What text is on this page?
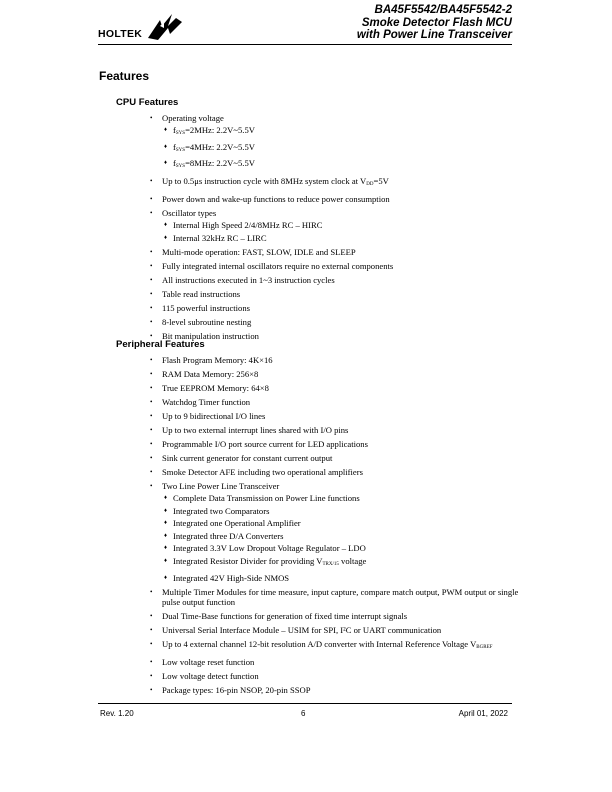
HOLTEK
BA45F5542/BA45F5542-2
Smoke Detector Flash MCU
with Power Line Transceiver
Features
CPU Features
• Operating voltage
♦ $f_{SYS}=2MHz$: 2.2V~5.5V
♦ $f_{SYS}=4MHz$: 2.2V~5.5V
♦ $f_{SYS}=8MHz$: 2.2V~5.5V
• Up to 0.5μs instruction cycle with 8MHz system clock at $V_{DD}=5V$
• Power down and wake-up functions to reduce power consumption
• Oscillator types
♦ Internal High Speed 2/4/8MHz RC – HIRC
♦ Internal 32kHz RC – LIRC
• Multi-mode operation: FAST, SLOW, IDLE and SLEEP
• Fully integrated internal oscillators require no external components
• All instructions executed in 1~3 instruction cycles
• Table read instructions
• 115 powerful instructions
• 8-level subroutine nesting
• Bit manipulation instruction
Peripheral Features
• Flash Program Memory: 4K×16
• RAM Data Memory: 256×8
• True EEPROM Memory: 64×8
• Watchdog Timer function
• Up to 9 bidirectional I/O lines
• Up to two external interrupt lines shared with I/O pins
• Programmable I/O port source current for LED applications
• Sink current generator for constant current output
• Smoke Detector AFE including two operational amplifiers
• Two Line Power Line Transceiver
♦ Complete Data Transmission on Power Line functions
♦ Integrated two Comparators
♦ Integrated one Operational Amplifier
♦ Integrated three D/A Converters
♦ Integrated 3.3V Low Dropout Voltage Regulator – LDO
♦ Integrated Resistor Divider for providing $V_{TRX/15}$ voltage
♦ Integrated 42V High-Side NMOS
• Multiple Timer Modules for time measure, input capture, compare match output, PWM output or single pulse output function
• Dual Time-Base functions for generation of fixed time interrupt signals
• Universal Serial Interface Module – USIM for SPI, I²C or UART communication
• Up to 4 external channel 12-bit resolution A/D converter with Internal Reference Voltage $V_{BGREF}$
• Low voltage reset function
• Low voltage detect function
• Package types: 16-pin NSOP, 20-pin SSOP
Rev. 1.20	6	April 01, 2022
